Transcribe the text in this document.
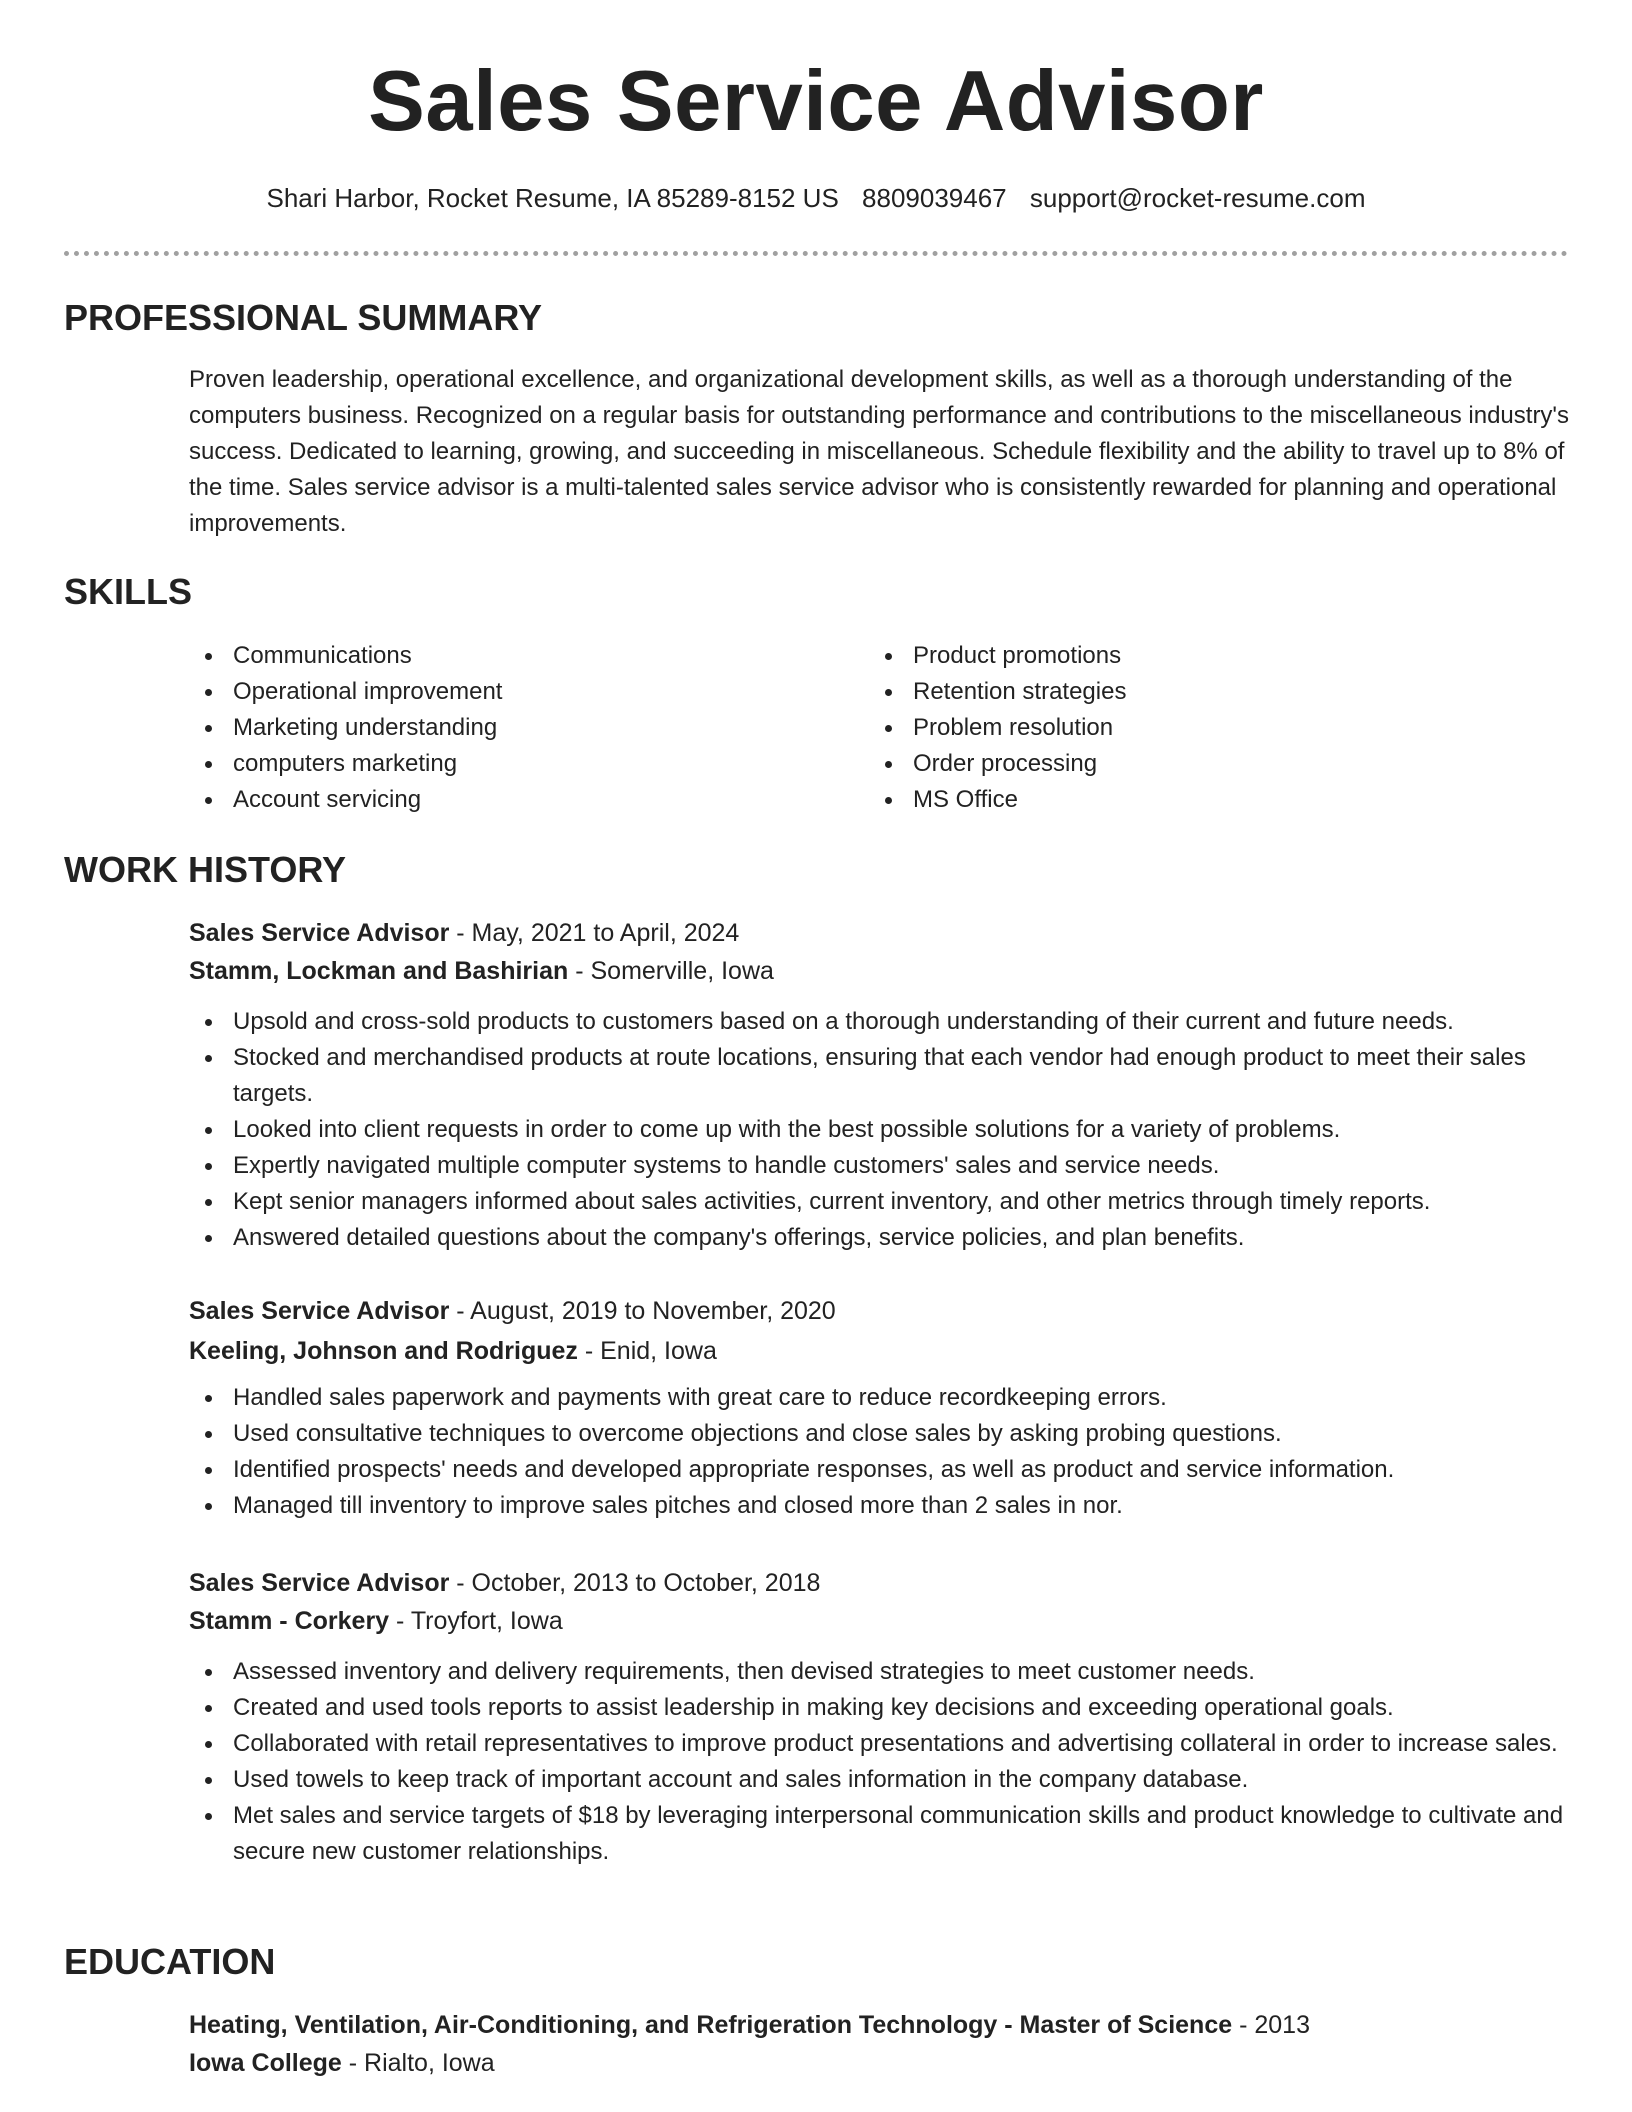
Sales Service Advisor
Shari Harbor, Rocket Resume, IA 85289-8152 US 8809039467 support@rocket-resume.com
PROFESSIONAL SUMMARY

Proven leadership, operational excellence, and organizational development skills, as well as a thorough understanding of the computers business. Recognized on a regular basis for outstanding performance and contributions to the miscellaneous industry's success. Dedicated to learning, growing, and succeeding in miscellaneous. Schedule flexibility and the ability to travel up to 8% of the time. Sales service advisor is a multi-talented sales service advisor who is consistently rewarded for planning and operational improvements.

SKILLS
Communications
Operational improvement
Marketing understanding
computers marketing
Account servicing
Product promotions
Retention strategies
Problem resolution
Order processing
MS Office
WORK HISTORY
Sales Service Advisor - May, 2021 to April, 2024
Stamm, Lockman and Bashirian - Somerville, Iowa
Upsold and cross-sold products to customers based on a thorough understanding of their current and future needs.
Stocked and merchandised products at route locations, ensuring that each vendor had enough product to meet their sales targets.
Looked into client requests in order to come up with the best possible solutions for a variety of problems.
Expertly navigated multiple computer systems to handle customers' sales and service needs.
Kept senior managers informed about sales activities, current inventory, and other metrics through timely reports.
Answered detailed questions about the company's offerings, service policies, and plan benefits.
Sales Service Advisor - August, 2019 to November, 2020
Keeling, Johnson and Rodriguez - Enid, Iowa
Handled sales paperwork and payments with great care to reduce recordkeeping errors.
Used consultative techniques to overcome objections and close sales by asking probing questions.
Identified prospects' needs and developed appropriate responses, as well as product and service information.
Managed till inventory to improve sales pitches and closed more than 2 sales in nor.
Sales Service Advisor - October, 2013 to October, 2018
Stamm - Corkery - Troyfort, Iowa
Assessed inventory and delivery requirements, then devised strategies to meet customer needs.
Created and used tools reports to assist leadership in making key decisions and exceeding operational goals.
Collaborated with retail representatives to improve product presentations and advertising collateral in order to increase sales.
Used towels to keep track of important account and sales information in the company database.
Met sales and service targets of $18 by leveraging interpersonal communication skills and product knowledge to cultivate and secure new customer relationships.
EDUCATION
Heating, Ventilation, Air-Conditioning, and Refrigeration Technology - Master of Science - 2013
Iowa College - Rialto, Iowa
